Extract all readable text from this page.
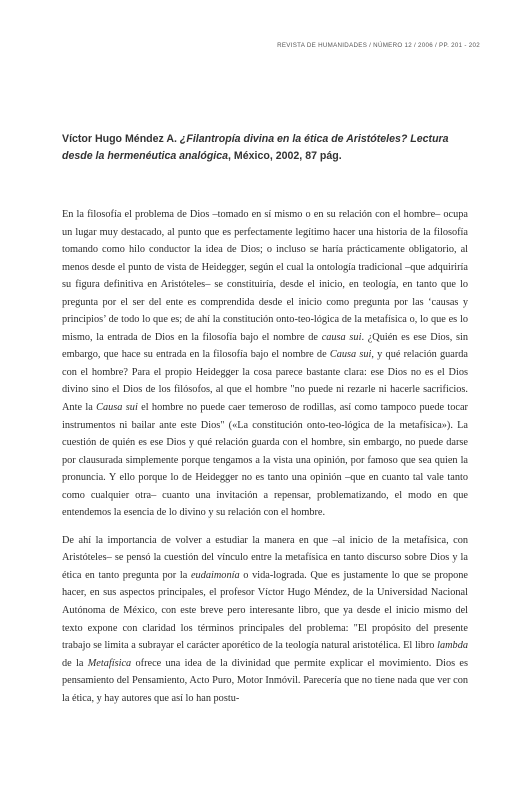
REVISTA DE HUMANIDADES / NÚMERO 12 / 2006 / PP. 201 - 202
Víctor Hugo Méndez A. ¿Filantropía divina en la ética de Aristóteles? Lectura desde la hermenéutica analógica, México, 2002, 87 pág.

En la filosofía el problema de Dios –tomado en sí mismo o en su relación con el hombre– ocupa un lugar muy destacado, al punto que es perfectamente legítimo hacer una historia de la filosofía tomando como hilo conductor la idea de Dios; o incluso se haría prácticamente obligatorio, al menos desde el punto de vista de Heidegger, según el cual la ontología tradicional –que adquiriría su figura definitiva en Aristóteles– se constituiría, desde el inicio, en teología, en tanto que lo pregunta por el ser del ente es comprendida desde el inicio como pregunta por las ‘causas y principios’ de todo lo que es; de ahí la constitución onto-teo-lógica de la metafísica o, lo que es lo mismo, la entrada de Dios en la filosofía bajo el nombre de causa sui. ¿Quién es ese Dios, sin embargo, que hace su entrada en la filosofía bajo el nombre de Causa sui, y qué relación guarda con el hombre? Para el propio Heidegger la cosa parece bastante clara: ese Dios no es el Dios divino sino el Dios de los filósofos, al que el hombre "no puede ni rezarle ni hacerle sacrificios. Ante la Causa sui el hombre no puede caer temeroso de rodillas, así como tampoco puede tocar instrumentos ni bailar ante este Dios" («La constitución onto-teo-lógica de la metafísica»). La cuestión de quién es ese Dios y qué relación guarda con el hombre, sin embargo, no puede darse por clausurada simplemente porque tengamos a la vista una opinión, por famoso que sea quien la pronuncia. Y ello porque lo de Heidegger no es tanto una opinión –que en cuanto tal vale tanto como cualquier otra– cuanto una invitación a repensar, problematizando, el modo en que entendemos la esencia de lo divino y su relación con el hombre.

De ahí la importancia de volver a estudiar la manera en que –al inicio de la metafísica, con Aristóteles– se pensó la cuestión del vínculo entre la metafísica en tanto discurso sobre Dios y la ética en tanto pregunta por la eudaimonía o vida-lograda. Que es justamente lo que se propone hacer, en sus aspectos principales, el profesor Víctor Hugo Méndez, de la Universidad Nacional Autónoma de México, con este breve pero interesante libro, que ya desde el inicio mismo del texto expone con claridad los términos principales del problema: "El propósito del presente trabajo se limita a subrayar el carácter aporético de la teología natural aristotélica. El libro lambda de la Metafísica ofrece una idea de la divinidad que permite explicar el movimiento. Dios es pensamiento del Pensamiento, Acto Puro, Motor Inmóvil. Parecería que no tiene nada que ver con la ética, y hay autores que así lo han postu-
